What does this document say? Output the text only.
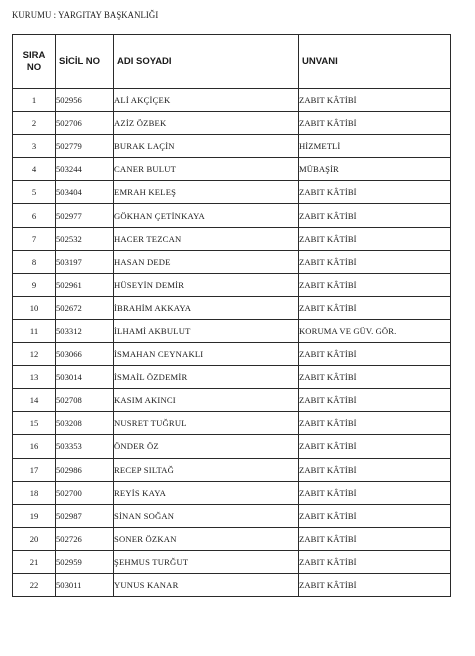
KURUMU : YARGITAY BAŞKANLIĞI
SIRA
NO	SİCİL NO	ADI SOYADI	UNVANI
1	502956	ALİ AKÇİÇEK	ZABIT KÂTİBİ
2	502706	AZİZ ÖZBEK	ZABIT KÂTİBİ
3	502779	BURAK LAÇİN	HİZMETLİ
4	503244	CANER BULUT	MÜBAŞİR
5	503404	EMRAH KELEŞ	ZABIT KÂTİBİ
6	502977	GÖKHAN ÇETİNKAYA	ZABIT KÂTİBİ
7	502532	HACER TEZCAN	ZABIT KÂTİBİ
8	503197	HASAN DEDE	ZABIT KÂTİBİ
9	502961	HÜSEYİN DEMİR	ZABIT KÂTİBİ
10	502672	İBRAHİM AKKAYA	ZABIT KÂTİBİ
11	503312	İLHAMİ AKBULUT	KORUMA VE GÜV. GÖR.
12	503066	İSMAHAN CEYNAKLI	ZABIT KÂTİBİ
13	503014	İSMAİL ÖZDEMİR	ZABIT KÂTİBİ
14	502708	KASIM AKINCI	ZABIT KÂTİBİ
15	503208	NUSRET TUĞRUL	ZABIT KÂTİBİ
16	503353	ÖNDER ÖZ	ZABIT KÂTİBİ
17	502986	RECEP SILTAĞ	ZABIT KÂTİBİ
18	502700	REYİS KAYA	ZABIT KÂTİBİ
19	502987	SİNAN SOĞAN	ZABIT KÂTİBİ
20	502726	SONER ÖZKAN	ZABIT KÂTİBİ
21	502959	ŞEHMUS TURĞUT	ZABIT KÂTİBİ
22	503011	YUNUS KANAR	ZABIT KÂTİBİ
